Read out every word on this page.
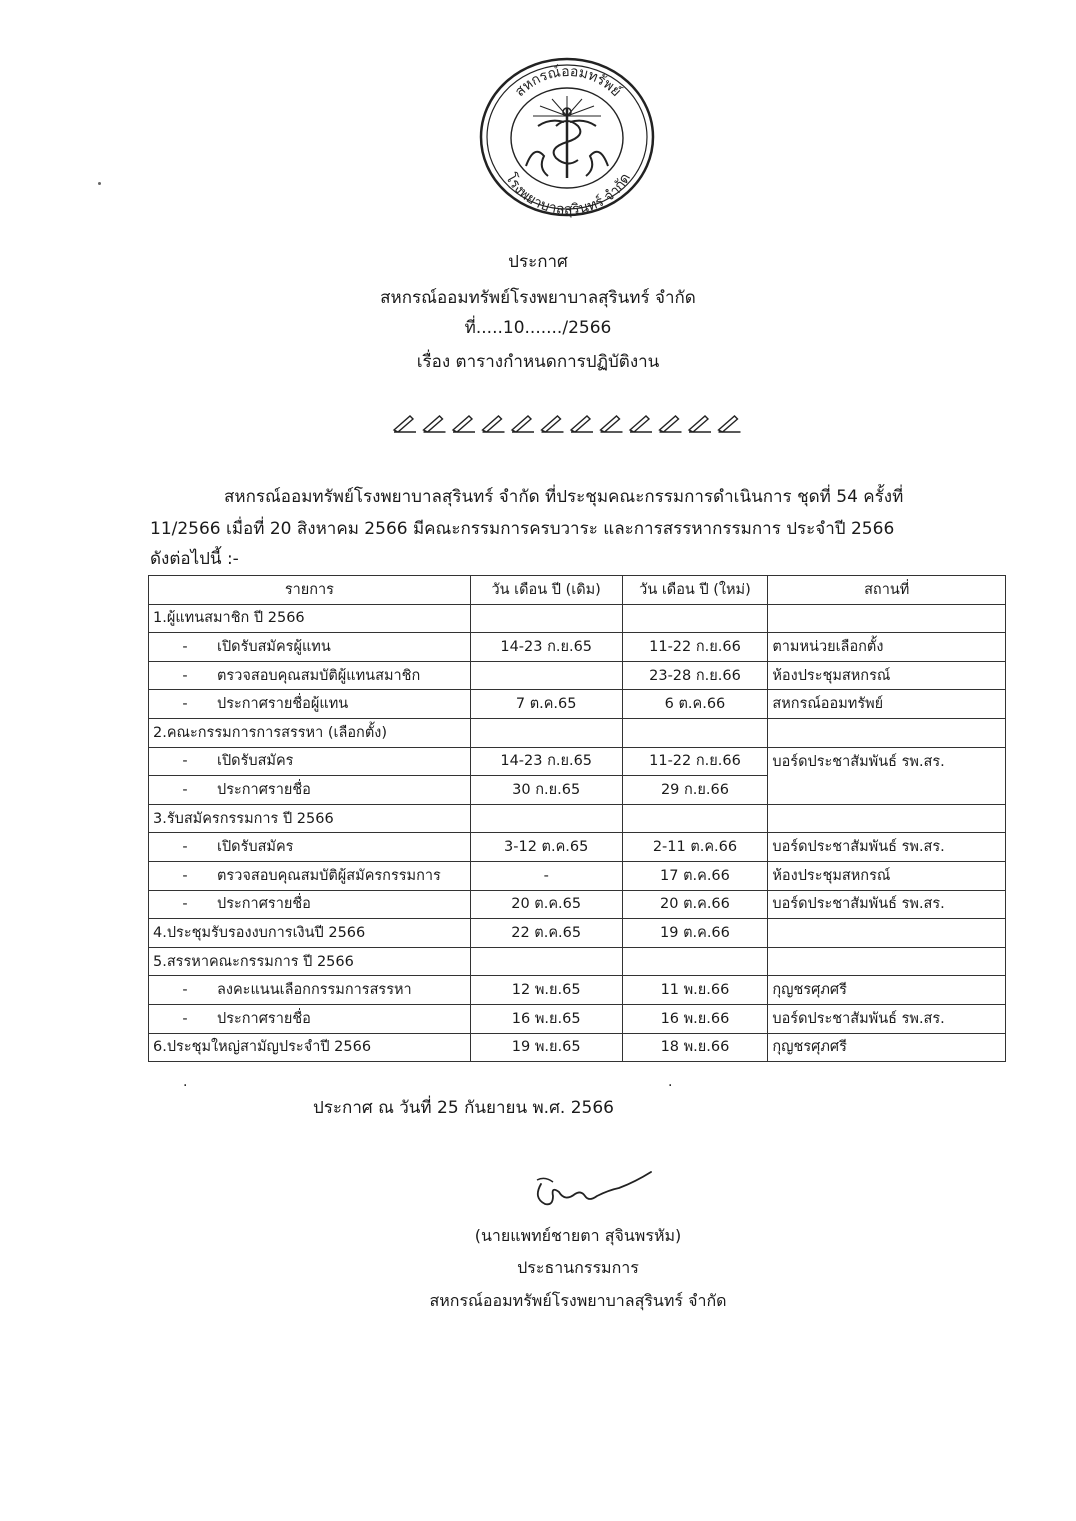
สหกรณ์ออมทรัพย์
โรงพยาบาลสุรินทร์ จำกัด
ประกาศ
สหกรณ์ออมทรัพย์โรงพยาบาลสุรินทร์ จำกัด
ที่.....10......./2566
เรื่อง ตารางกำหนดการปฏิบัติงาน
สหกรณ์ออมทรัพย์โรงพยาบาลสุรินทร์ จำกัด ที่ประชุมคณะกรรมการดำเนินการ ชุดที่ 54 ครั้งที่
11/2566 เมื่อที่ 20 สิงหาคม 2566 มีคณะกรรมการครบวาระ และการสรรหากรรมการ ประจำปี 2566
ดังต่อไปนี้ :-
รายการ	วัน เดือน ปี (เดิม)	วัน เดือน ปี (ใหม่)	สถานที่
1.ผู้แทนสมาชิก ปี 2566			
- เปิดรับสมัครผู้แทน	14-23 ก.ย.65	11-22 ก.ย.66	ตามหน่วยเลือกตั้ง
- ตรวจสอบคุณสมบัติผู้แทนสมาชิก		23-28 ก.ย.66	ห้องประชุมสหกรณ์
- ประกาศรายชื่อผู้แทน	7 ต.ค.65	6 ต.ค.66	สหกรณ์ออมทรัพย์
2.คณะกรรมการการสรรหา (เลือกตั้ง)			
- เปิดรับสมัคร	14-23 ก.ย.65	11-22 ก.ย.66	บอร์ดประชาสัมพันธ์ รพ.สร.
- ประกาศรายชื่อ	30 ก.ย.65	29 ก.ย.66	
3.รับสมัครกรรมการ ปี 2566			
- เปิดรับสมัคร	3-12 ต.ค.65	2-11 ต.ค.66	บอร์ดประชาสัมพันธ์ รพ.สร.
- ตรวจสอบคุณสมบัติผู้สมัครกรรมการ	-	17 ต.ค.66	ห้องประชุมสหกรณ์
- ประกาศรายชื่อ	20 ต.ค.65	20 ต.ค.66	บอร์ดประชาสัมพันธ์ รพ.สร.
4.ประชุมรับรองงบการเงินปี 2566	22 ต.ค.65	19 ต.ค.66	
5.สรรหาคณะกรรมการ ปี 2566			
- ลงคะแนนเลือกกรรมการสรรหา	12 พ.ย.65	11 พ.ย.66	กุญชรศุภศรี
- ประกาศรายชื่อ	16 พ.ย.65	16 พ.ย.66	บอร์ดประชาสัมพันธ์ รพ.สร.
6.ประชุมใหญ่สามัญประจำปี 2566	19 พ.ย.65	18 พ.ย.66	กุญชรศุภศรี
·	·
ประกาศ ณ วันที่ 25 กันยายน พ.ศ. 2566
(นายแพทย์ชายตา สุจินพรหัม)
ประธานกรรมการ
สหกรณ์ออมทรัพย์โรงพยาบาลสุรินทร์ จำกัด
